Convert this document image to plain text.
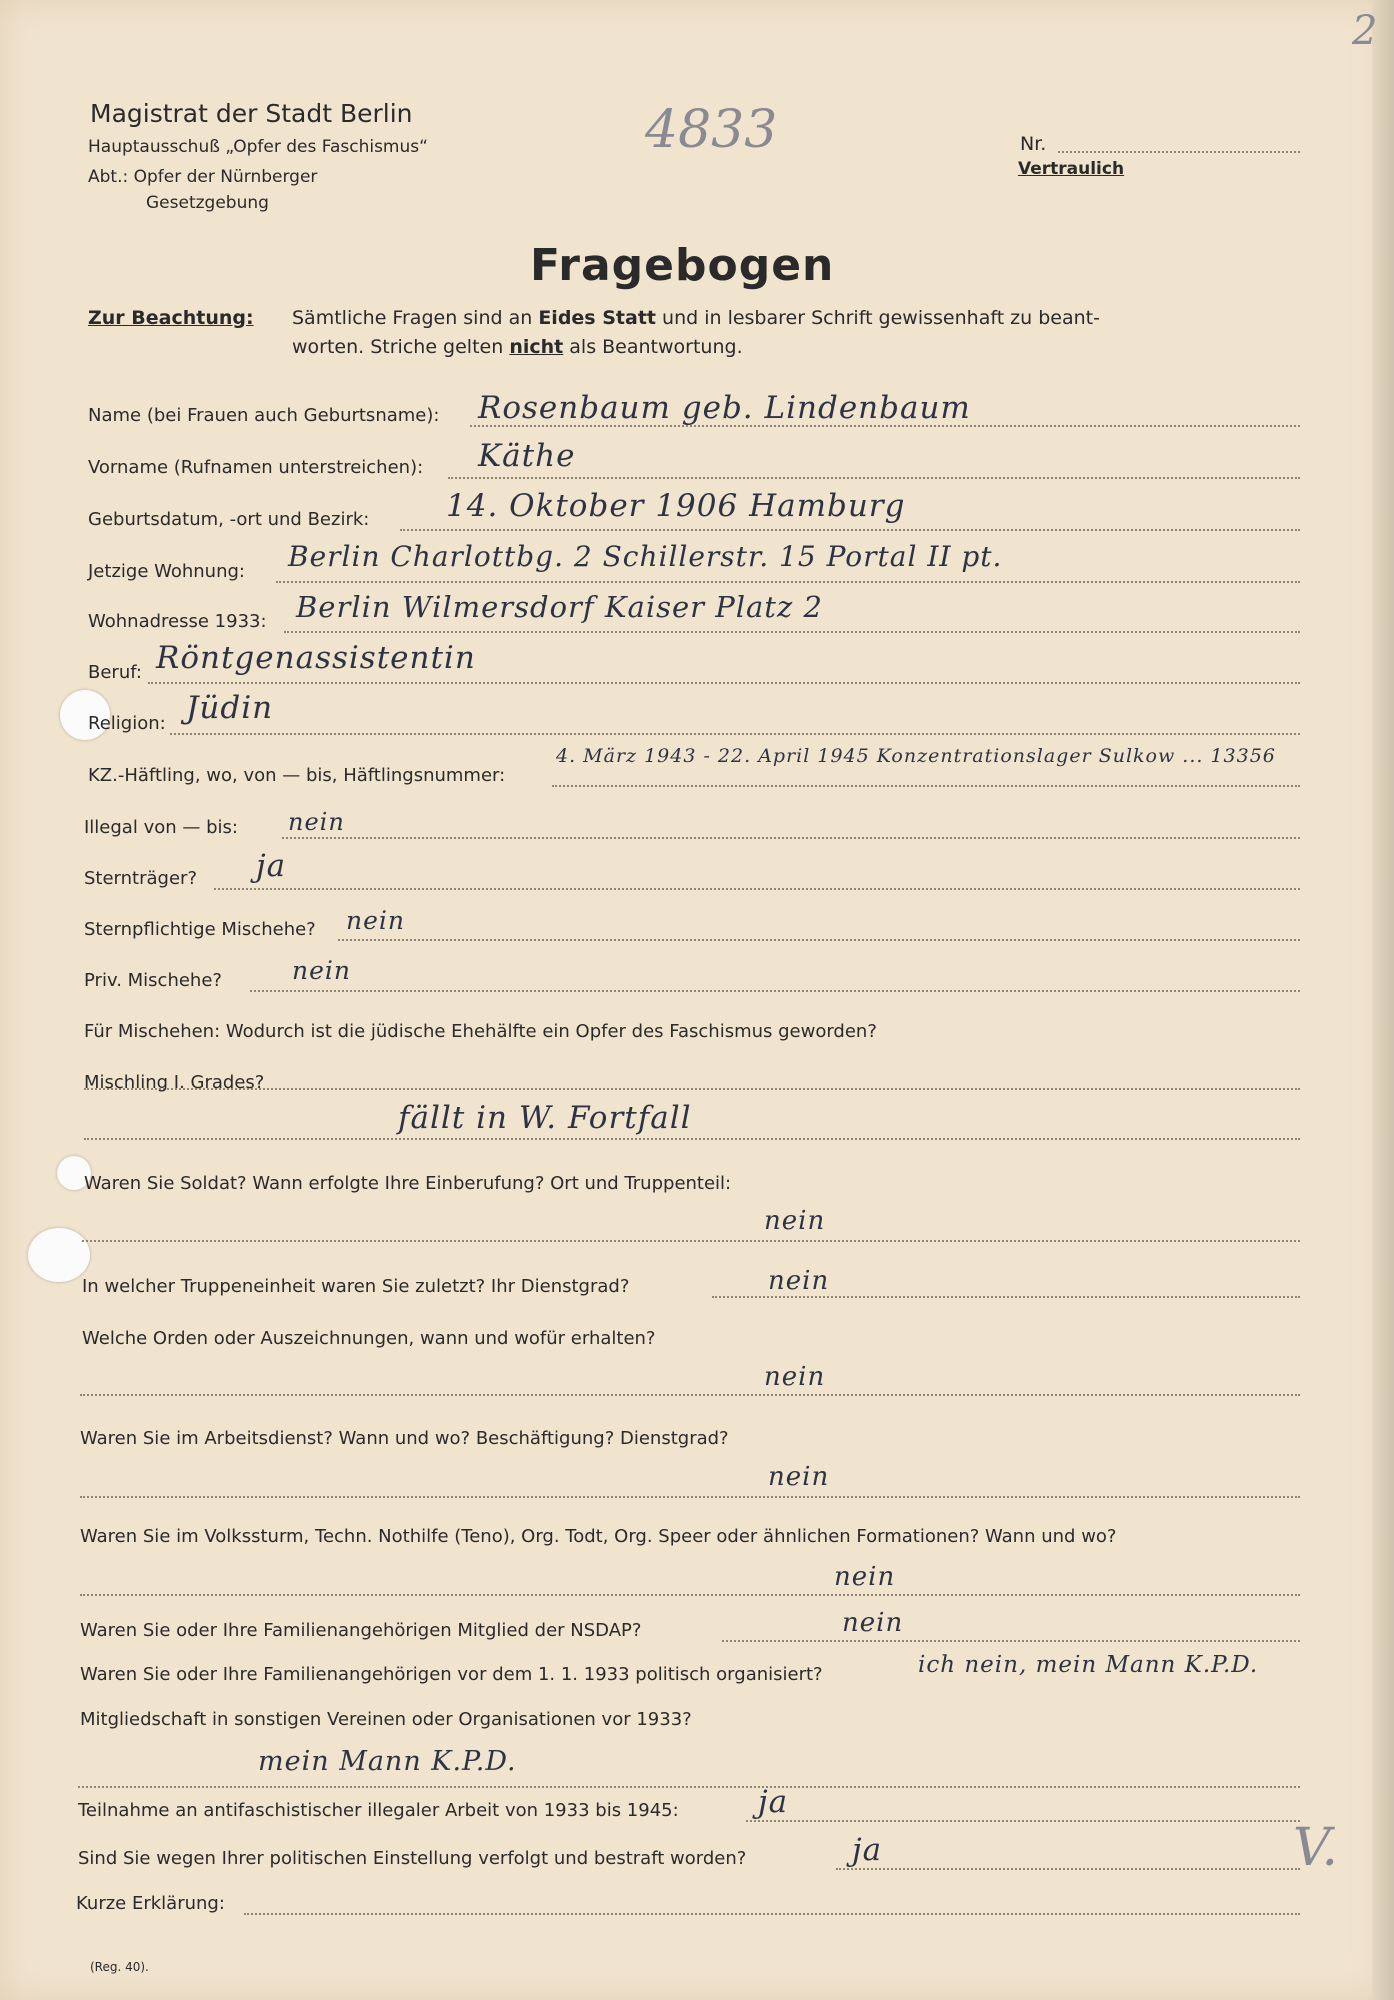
2
4833
V.
Magistrat der Stadt Berlin
Hauptausschuß „Opfer des Faschismus“
Abt.: Opfer der Nürnberger
Gesetzgebung
Nr.
Vertraulich
Fragebogen
Zur Beachtung: Sämtliche Fragen sind an Eides Statt und in lesbarer Schrift gewissenhaft zu beant-
worten. Striche gelten nicht als Beantwortung.
Name (bei Frauen auch Geburtsname): Rosenbaum geb. Lindenbaum
Vorname (Rufnamen unterstreichen): Käthe
Geburtsdatum, -ort und Bezirk: 14. Oktober 1906 Hamburg
Jetzige Wohnung: Berlin Charlottbg. 2 Schillerstr. 15 Portal II pt.
Wohnadresse 1933: Berlin Wilmersdorf Kaiser Platz 2
Beruf: Röntgenassistentin
Religion: Jüdin
KZ.-Häftling, wo, von — bis, Häftlingsnummer:
4. März 1943 - 22. April 1945 Konzentrationslager Sulkow ... 13356
Illegal von — bis: nein
Sternträger? ja
Sternpflichtige Mischehe? nein
Priv. Mischehe?	nein
Für Mischehen: Wodurch ist die jüdische Ehehälfte ein Opfer des Faschismus geworden?
Mischling I. Grades?
fällt in W. Fortfall
Waren Sie Soldat? Wann erfolgte Ihre Einberufung? Ort und Truppenteil:
nein
In welcher Truppeneinheit waren Sie zuletzt? Ihr Dienstgrad?	nein
Welche Orden oder Auszeichnungen, wann und wofür erhalten?
nein
Waren Sie im Arbeitsdienst? Wann und wo? Beschäftigung? Dienstgrad?
nein
Waren Sie im Volkssturm, Techn. Nothilfe (Teno), Org. Todt, Org. Speer oder ähnlichen Formationen? Wann und wo?
nein
Waren Sie oder Ihre Familienangehörigen Mitglied der NSDAP?	nein
Waren Sie oder Ihre Familienangehörigen vor dem 1. 1. 1933 politisch organisiert?	ich nein, mein Mann K.P.D.
Mitgliedschaft in sonstigen Vereinen oder Organisationen vor 1933?
mein Mann K.P.D.
Teilnahme an antifaschistischer illegaler Arbeit von 1933 bis 1945:	ja
Sind Sie wegen Ihrer politischen Einstellung verfolgt und bestraft worden?	ja
Kurze Erklärung:
(Reg. 40).
